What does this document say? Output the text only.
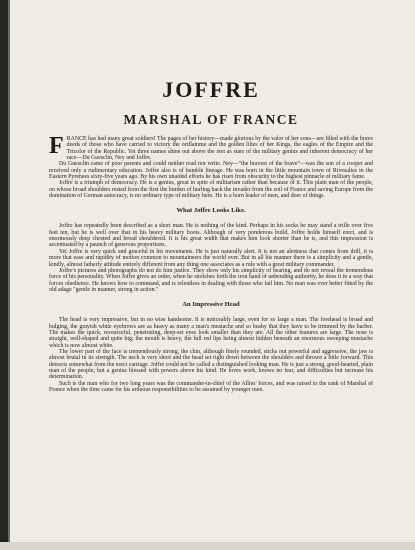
JOFFRE
MARSHAL OF FRANCE

FRANCE has had many great soldiers! The pages of her history—made glorious by the valor of her sons—are filled with the brave deeds of those who have carried to victory the oriflamme and the golden lilies of her Kings, the eagles of the Empire and the Tricolor of the Republic. Yet three names shine out above the rest as stars of the military genius and inherent democracy of her race—Du Guesclin, Ney and Joffre.

Du Guesclin came of poor parents and could neither read nor write. Ney—"the bravest of the brave"—was the son of a cooper and received only a rudimentary education. Joffre also is of humble lineage. He was born in the little mountain town of Rivesaltes in the Eastern Pyrenees sixty-five years ago. By his own unaided efforts he has risen from obscurity to the highest pinnacle of military fame.

Joffre is a triumph of democracy. He is a genius, great in spite of militarism rather than because of it. This plain man of the people, on whose broad shoulders rested from the first the burden of hurling back the invader from the soil of France and saving Europe from the domination of German autocracy, is no ordinary type of military hero. He is a born leader of men, and doer of things.

What Joffre Looks Like.

Joffre has repeatedly been described as a short man. He is nothing of the kind. Perhaps in his socks he may stand a trifle over five feet ten, but he is well over that in his heavy military boots. Although of very ponderous build, Joffre holds himself erect, and is enormously deep chested and broad shouldered. It is his great width that makes him look shorter than he is, and this impression is accentuated by a paunch of generous proportions.

Yet Joffre is very quick and graceful in his movements. He is just naturally alert. It is not an alertness that comes from drill, it is more that ease and rapidity of motion common to mountaineers the world over. But in all his manner there is a simplicity and a gentle, kindly, almost fatherly attitude entirely different from any thing one associates as a rule with a great military commander.

Joffre's pictures and photographs do not do him justice. They show only his simplicity of bearing, and do not reveal the tremendous force of his personality. When Joffre gives an order, when he stretches forth the iron hand of unbending authority, he does it in a way that forces obedience. He knows how to command, and is relentless in dealing with those who fail him. No man was ever better fitted by the old adage "gentle in manner, strong in action."

An Impressive Head

The head is very impressive, but in no wise handsome. It is noticeably large, even for so large a man. The forehead is broad and bulging, the grayish white eyebrows are as heavy as many a man's mustache and so bushy that they have to be trimmed by the barber. The makes the quick, resourceful, penetrating, deep-set eyes look smaller than they are. All the other features are large. The nose is straight, well-shaped and quite big; the mouth is heavy, the full red lips being almost hidden beneath an enormous sweeping mustache which is now almost white.

The lower part of the face is tremendously strong, the chin, although finely rounded, sticks out powerful and aggressive, the jaw is almost brutal in its strength. The neck is very short and the head set right down between the shoulders and thrown a little forward. This detracts somewhat from the erect carriage. Joffre could not be called a distinguished looking man. He is just a strong, good-hearted, plain man of the people; but a genius blessed with powers above his kind. He loves work, knows no fear, and difficulties but increase his determination.

Such is the man who for two long years was the commander-in-chief of the Allies' forces, and was raised to the rank of Marshal of France when the time came for his arduous responsibilities to be assumed by younger men.
